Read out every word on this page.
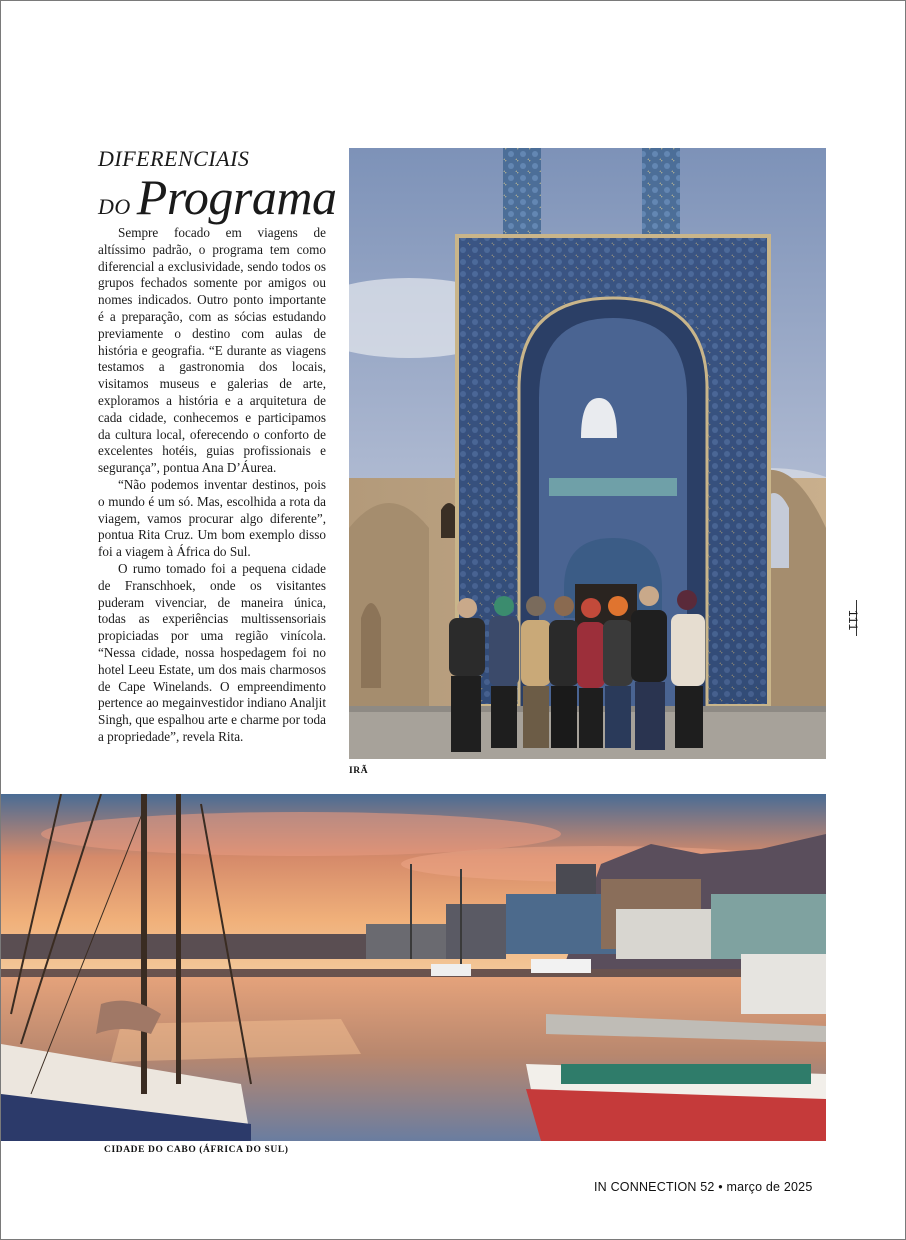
DIFERENCIAIS
DO Programa

Sempre focado em viagens de altíssimo padrão, o programa tem como diferencial a exclusividade, sendo todos os grupos fechados somente por amigos ou nomes indicados. Outro ponto importante é a preparação, com as sócias estudando previamente o destino com aulas de história e geografia. “E durante as viagens testamos a gastronomia dos locais, visitamos museus e galerias de arte, exploramos a história e a arquitetura de cada cidade, conhecemos e participamos da cultura local, oferecendo o conforto de excelentes hotéis, guias profissionais e segurança”, pontua Ana D’Áurea.

“Não podemos inventar destinos, pois o mundo é um só. Mas, escolhida a rota da viagem, vamos procurar algo diferente”, pontua Rita Cruz. Um bom exemplo disso foi a viagem à África do Sul.

O rumo tomado foi a pequena cidade de Franschhoek, onde os visitantes puderam vivenciar, de maneira única, todas as experiências multissensoriais propiciadas por uma região vinícola. “Nessa cidade, nossa hospedagem foi no hotel Leeu Estate, um dos mais charmosos de Cape Winelands. O empreendimento pertence ao megainvestidor indiano Analjit Singh, que espalhou arte e charme por toda a propriedade”, revela Rita.

IRÃ
111
CIDADE DO CABO (ÁFRICA DO SUL)
IN CONNECTION 52 • março de 2025
